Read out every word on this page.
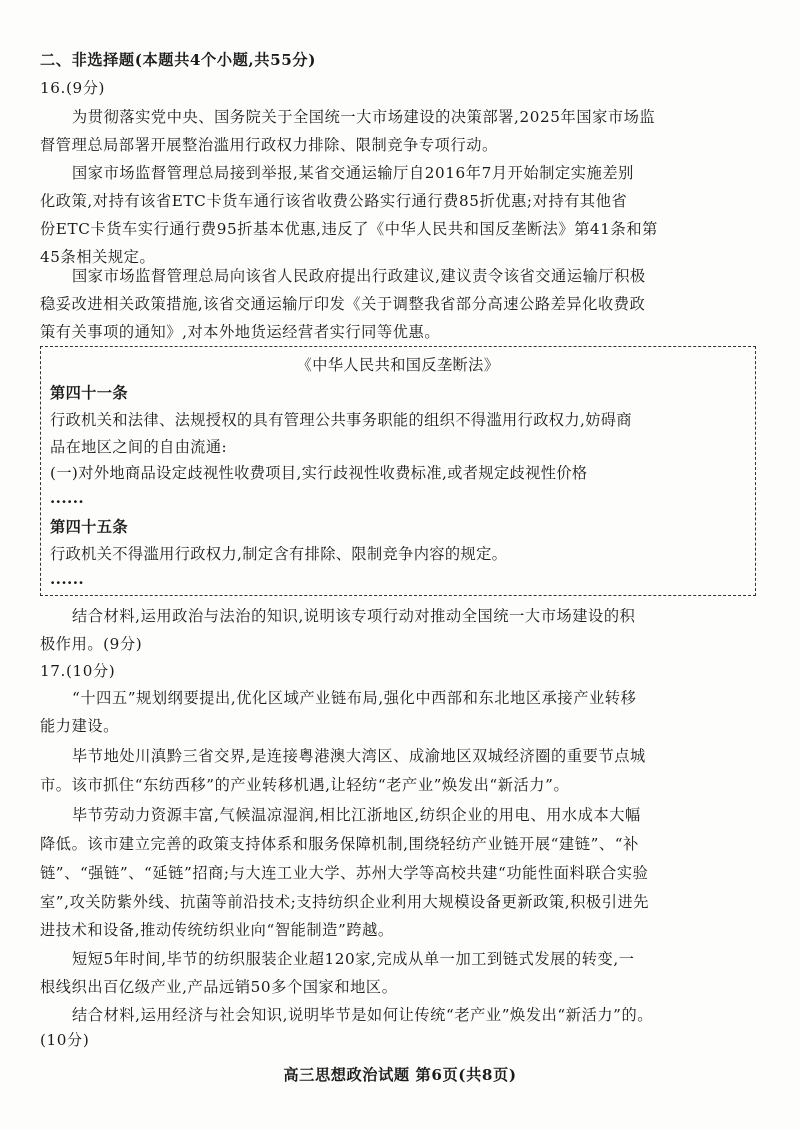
二、非选择题(本题共4个小题,共55分)
16.(9分)
为贯彻落实党中央、国务院关于全国统一大市场建设的决策部署,2025年国家市场监
督管理总局部署开展整治滥用行政权力排除、限制竞争专项行动。
国家市场监督管理总局接到举报,某省交通运输厅自2016年7月开始制定实施差别
化政策,对持有该省ETC卡货车通行该省收费公路实行通行费85折优惠;对持有其他省
份ETC卡货车实行通行费95折基本优惠,违反了《中华人民共和国反垄断法》第41条和第
45条相关规定。
国家市场监督管理总局向该省人民政府提出行政建议,建议责令该省交通运输厅积极
稳妥改进相关政策措施,该省交通运输厅印发《关于调整我省部分高速公路差异化收费政
策有关事项的通知》,对本外地货运经营者实行同等优惠。
《中华人民共和国反垄断法》
第四十一条
行政机关和法律、法规授权的具有管理公共事务职能的组织不得滥用行政权力,妨碍商
品在地区之间的自由流通:
(一)对外地商品设定歧视性收费项目,实行歧视性收费标准,或者规定歧视性价格
......
第四十五条
行政机关不得滥用行政权力,制定含有排除、限制竞争内容的规定。
......
结合材料,运用政治与法治的知识,说明该专项行动对推动全国统一大市场建设的积
极作用。(9分)
17.(10分)
“十四五”规划纲要提出,优化区域产业链布局,强化中西部和东北地区承接产业转移
能力建设。
毕节地处川滇黔三省交界,是连接粤港澳大湾区、成渝地区双城经济圈的重要节点城
市。该市抓住“东纺西移”的产业转移机遇,让轻纺“老产业”焕发出“新活力”。
毕节劳动力资源丰富,气候温凉湿润,相比江浙地区,纺织企业的用电、用水成本大幅
降低。该市建立完善的政策支持体系和服务保障机制,围绕轻纺产业链开展“建链”、“补
链”、“强链”、“延链”招商;与大连工业大学、苏州大学等高校共建“功能性面料联合实验
室”,攻关防紫外线、抗菌等前沿技术;支持纺织企业利用大规模设备更新政策,积极引进先
进技术和设备,推动传统纺织业向“智能制造”跨越。
短短5年时间,毕节的纺织服装企业超120家,完成从单一加工到链式发展的转变,一
根线织出百亿级产业,产品远销50多个国家和地区。
结合材料,运用经济与社会知识,说明毕节是如何让传统“老产业”焕发出“新活力”的。
(10分)
高三思想政治试题 第6页(共8页)
